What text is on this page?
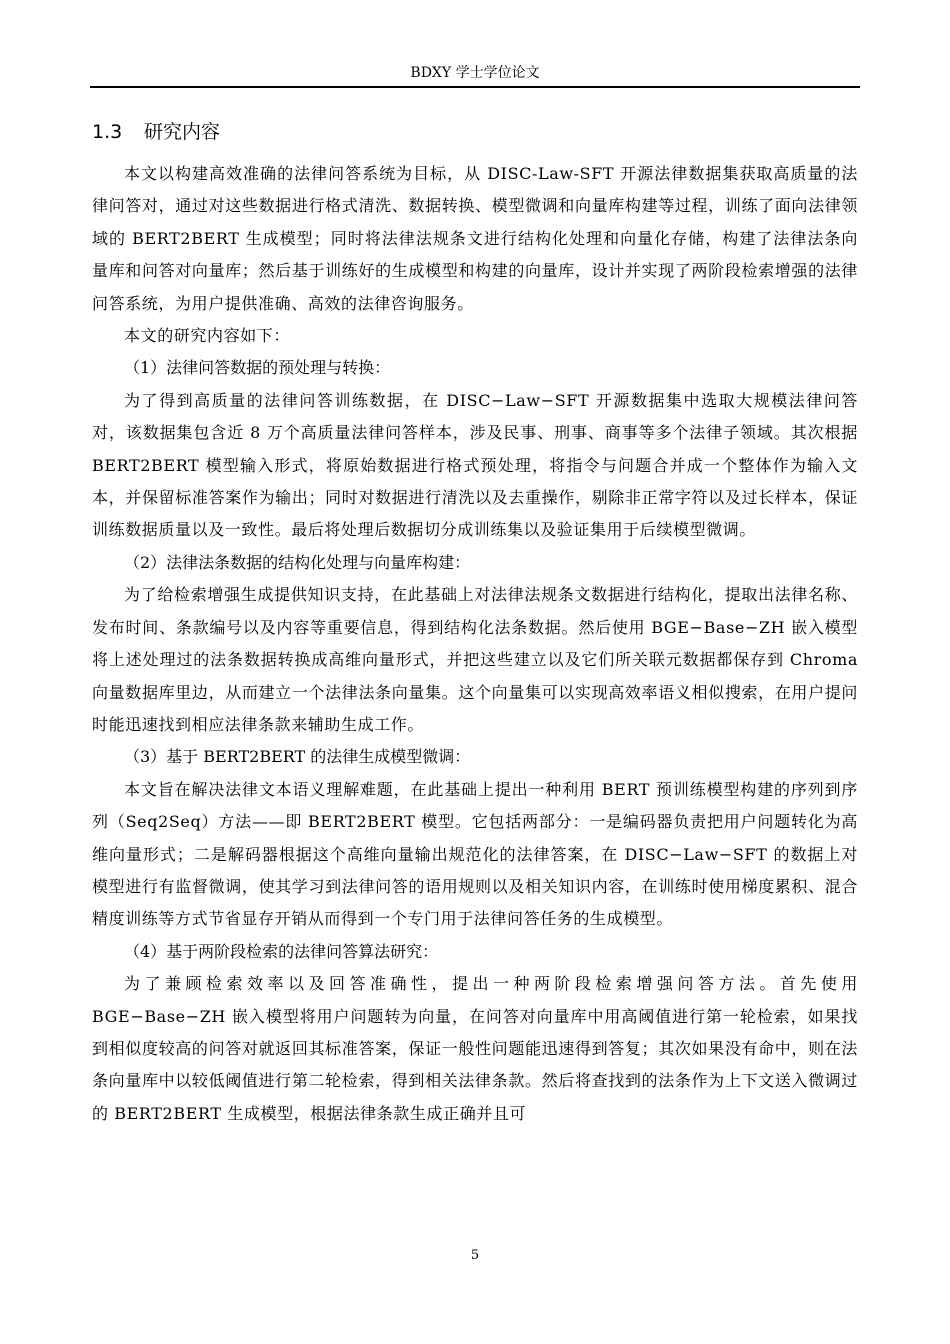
BDXY 学士学位论文
1.3 研究内容

本文以构建高效准确的法律问答系统为目标，从 DISC-Law-SFT 开源法律数据集获取高质量的法律问答对，通过对这些数据进行格式清洗、数据转换、模型微调和向量库构建等过程，训练了面向法律领域的 BERT2BERT 生成模型；同时将法律法规条文进行结构化处理和向量化存储，构建了法律法条向量库和问答对向量库；然后基于训练好的生成模型和构建的向量库，设计并实现了两阶段检索增强的法律问答系统，为用户提供准确、高效的法律咨询服务。

本文的研究内容如下：

（1）法律问答数据的预处理与转换：

为了得到高质量的法律问答训练数据，在 DISC−Law−SFT 开源数据集中选取大规模法律问答对，该数据集包含近 8 万个高质量法律问答样本，涉及民事、刑事、商事等多个法律子领域。其次根据 BERT2BERT 模型输入形式，将原始数据进行格式预处理，将指令与问题合并成一个整体作为输入文本，并保留标准答案作为输出；同时对数据进行清洗以及去重操作，剔除非正常字符以及过长样本，保证训练数据质量以及一致性。最后将处理后数据切分成训练集以及验证集用于后续模型微调。

（2）法律法条数据的结构化处理与向量库构建：

为了给检索增强生成提供知识支持，在此基础上对法律法规条文数据进行结构化，提取出法律名称、发布时间、条款编号以及内容等重要信息，得到结构化法条数据。然后使用 BGE−Base−ZH 嵌入模型将上述处理过的法条数据转换成高维向量形式，并把这些建立以及它们所关联元数据都保存到 Chroma 向量数据库里边，从而建立一个法律法条向量集。这个向量集可以实现高效率语义相似搜索，在用户提问时能迅速找到相应法律条款来辅助生成工作。

（3）基于 BERT2BERT 的法律生成模型微调：

本文旨在解决法律文本语义理解难题，在此基础上提出一种利用 BERT 预训练模型构建的序列到序列（Seq2Seq）方法——即 BERT2BERT 模型。它包括两部分：一是编码器负责把用户问题转化为高维向量形式；二是解码器根据这个高维向量输出规范化的法律答案，在 DISC−Law−SFT 的数据上对模型进行有监督微调，使其学习到法律问答的语用规则以及相关知识内容，在训练时使用梯度累积、混合精度训练等方式节省显存开销从而得到一个专门用于法律问答任务的生成模型。

（4）基于两阶段检索的法律问答算法研究：

为了兼顾检索效率以及回答准确性，提出一种两阶段检索增强问答方法。首先使用 BGE−Base−ZH 嵌入模型将用户问题转为向量，在问答对向量库中用高阈值进行第一轮检索，如果找到相似度较高的问答对就返回其标准答案，保证一般性问题能迅速得到答复；其次如果没有命中，则在法条向量库中以较低阈值进行第二轮检索，得到相关法律条款。然后将查找到的法条作为上下文送入微调过的 BERT2BERT 生成模型，根据法律条款生成正确并且可

5
